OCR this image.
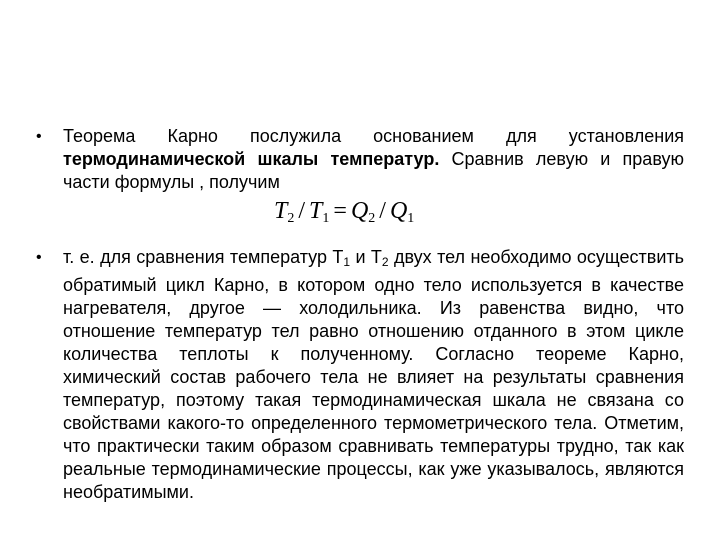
• Теорема Карно послужила основанием для установления термодинамической шкалы температур. Сравнив левую и правую части формулы , получим

$T_2 / T_1 = Q_2 / Q_1$
• т. е. для сравнения температур $Т_1$ и $Т_2$ двух тел необходимо осуществить обратимый цикл Карно, в котором одно тело используется в качестве нагревателя, другое — холодильника. Из равенства видно, что отношение температур тел равно отношению отданного в этом цикле количества теплоты к полученному. Согласно теореме Карно, химический состав рабочего тела не влияет на результаты сравнения температур, поэтому такая термодинамическая шкала не связана со свойствами какого-то определенного термометрического тела. Отметим, что практически таким образом сравнивать температуры трудно, так как реальные термодинамические процессы, как уже указывалось, являются необратимыми.
